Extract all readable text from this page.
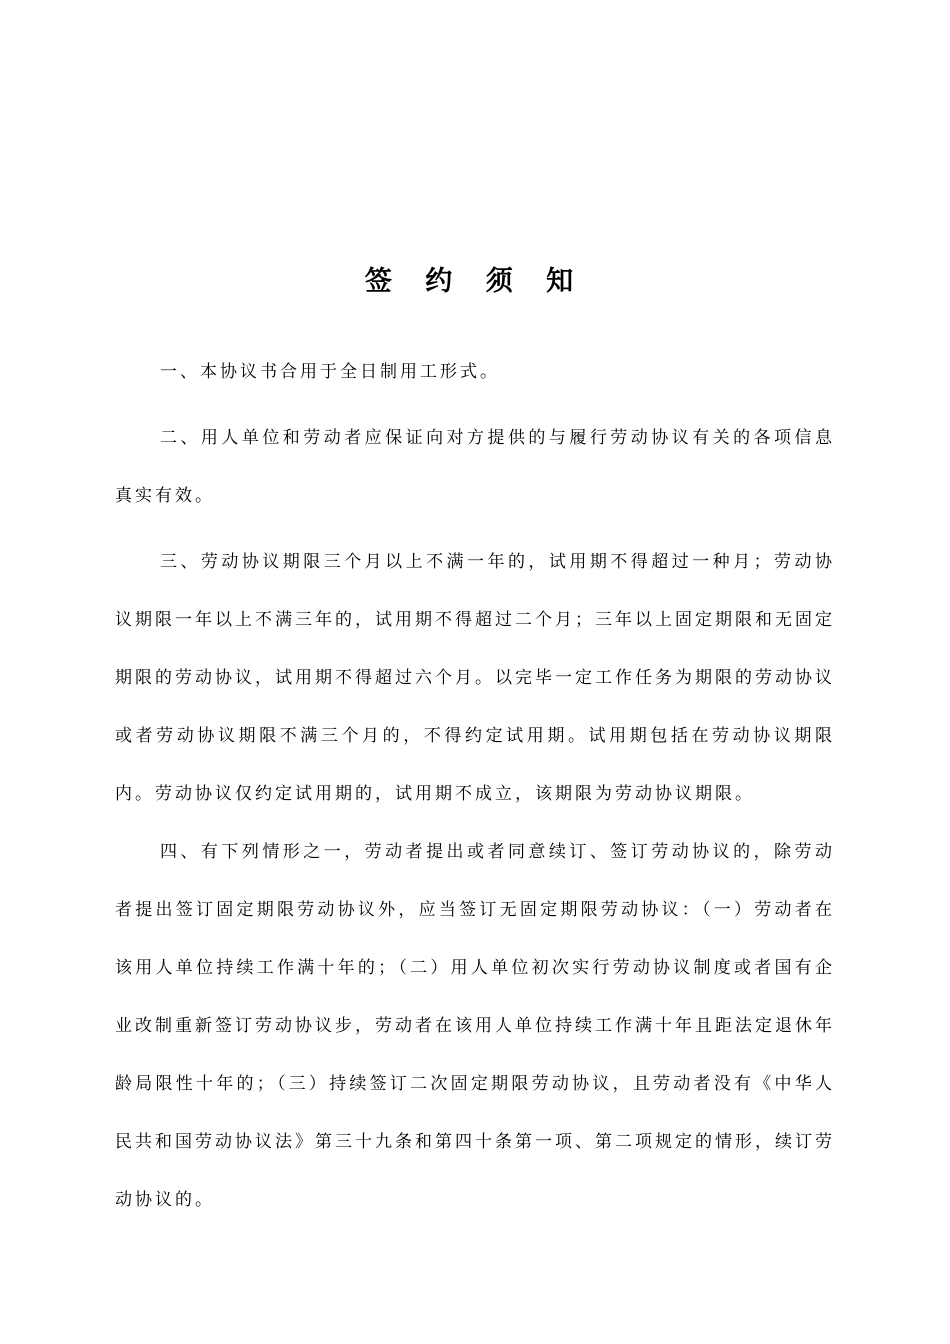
签 约 须 知

一、本协议书合用于全日制用工形式。

二、用人单位和劳动者应保证向对方提供的与履行劳动协议有关的各项信息真实有效。

三、劳动协议期限三个月以上不满一年的，试用期不得超过一种月；劳动协议期限一年以上不满三年的，试用期不得超过二个月；三年以上固定期限和无固定期限的劳动协议，试用期不得超过六个月。以完毕一定工作任务为期限的劳动协议或者劳动协议期限不满三个月的，不得约定试用期。试用期包括在劳动协议期限内。劳动协议仅约定试用期的，试用期不成立，该期限为劳动协议期限。

四、有下列情形之一，劳动者提出或者同意续订、签订劳动协议的，除劳动者提出签订固定期限劳动协议外，应当签订无固定期限劳动协议：（一）劳动者在该用人单位持续工作满十年的；（二）用人单位初次实行劳动协议制度或者国有企业改制重新签订劳动协议步，劳动者在该用人单位持续工作满十年且距法定退休年龄局限性十年的；（三）持续签订二次固定期限劳动协议，且劳动者没有《中华人民共和国劳动协议法》第三十九条和第四十条第一项、第二项规定的情形，续订劳动协议的。
